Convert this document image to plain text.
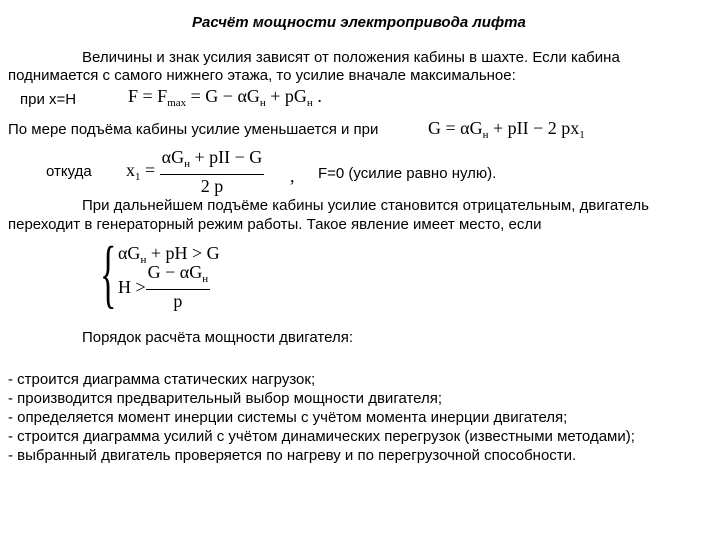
Расчёт мощности электропривода лифта
Величины и знак усилия зависят от положения кабины в шахте. Если кабина
поднимается с самого нижнего этажа, то усилие вначале максимальное:
при x=H	$F = F_{max} = G - \alpha G_н + pG_н$ .
По мере подъёма кабины усилие уменьшается и при	$G = \alpha G_н$ + pII − 2 $px_1$
откуда $x_1 = \frac{\alpha G_н + pII - G}{2 p}$ , F=0 (усилие равно нулю).
При дальнейшем подъёме кабины усилие становится отрицательным, двигатель
переходит в генераторный режим работы. Такое явление имеет место, если
{ $\alpha G_н$ + pH > G
$H > \frac{G - \alpha G_н}{p}$
Порядок расчёта мощности двигателя:
- строится диаграмма статических нагрузок;
- производится предварительный выбор мощности двигателя;
- определяется момент инерции системы с учётом момента инерции двигателя;
- строится диаграмма усилий с учётом динамических перегрузок (известными методами);
- выбранный двигатель проверяется по нагреву и по перегрузочной способности.
